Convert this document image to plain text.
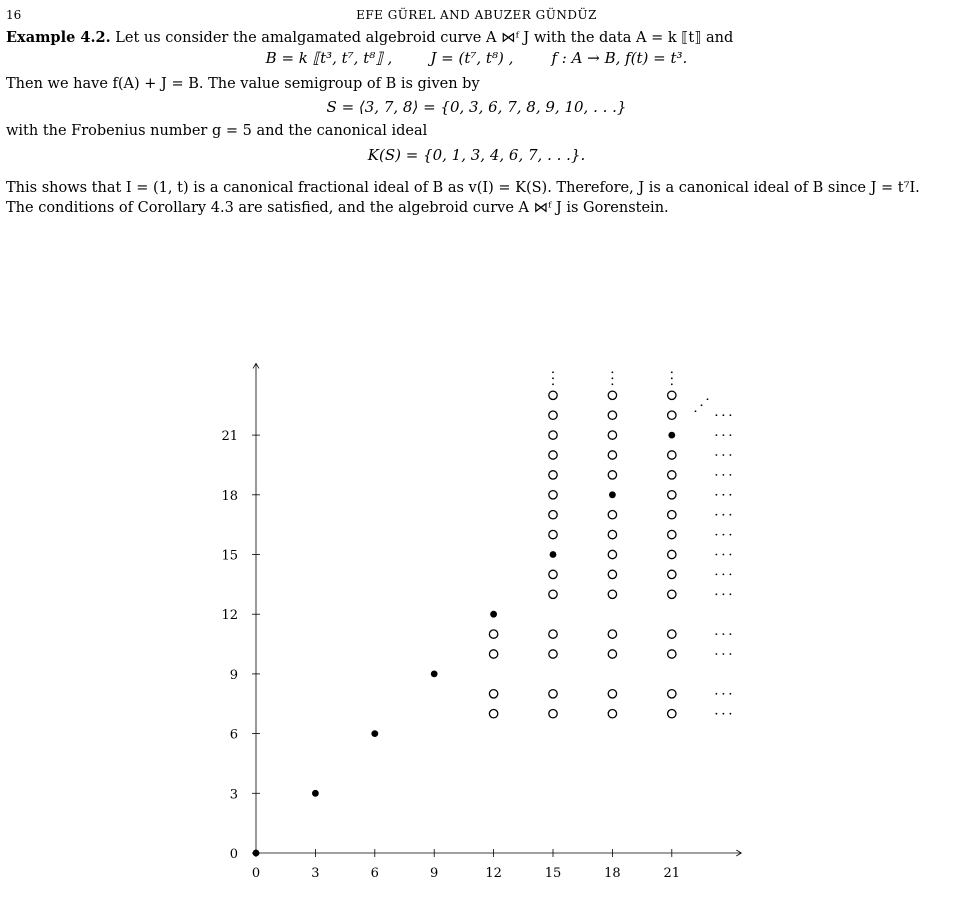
16	EFE GÜREL AND ABUZER GÜNDÜZ
Example 4.2. Let us consider the amalgamated algebroid curve A ⋈ᶠ J with the data A = k ⟦t⟧ and
B = k ⟦t³, t⁷, t⁸⟧ ,        J = (t⁷, t⁸) ,        f : A → B, f(t) = t³.
Then we have f(A) + J = B. The value semigroup of B is given by
S = ⟨3, 7, 8⟩ = {0, 3, 6, 7, 8, 9, 10, . . .}
with the Frobenius number g = 5 and the canonical ideal
K(S) = {0, 1, 3, 4, 6, 7, . . .}.
This shows that I = (1, t) is a canonical fractional ideal of B as v(I) = K(S). Therefore, J is a canonical ideal of B since J = t⁷I. The conditions of Corollary 4.3 are satisfied, and the algebroid curve A ⋈ᶠ J is Gorenstein.
0	3	6	9	12	15	18	21
0
3
6
9
12
15
18
21
